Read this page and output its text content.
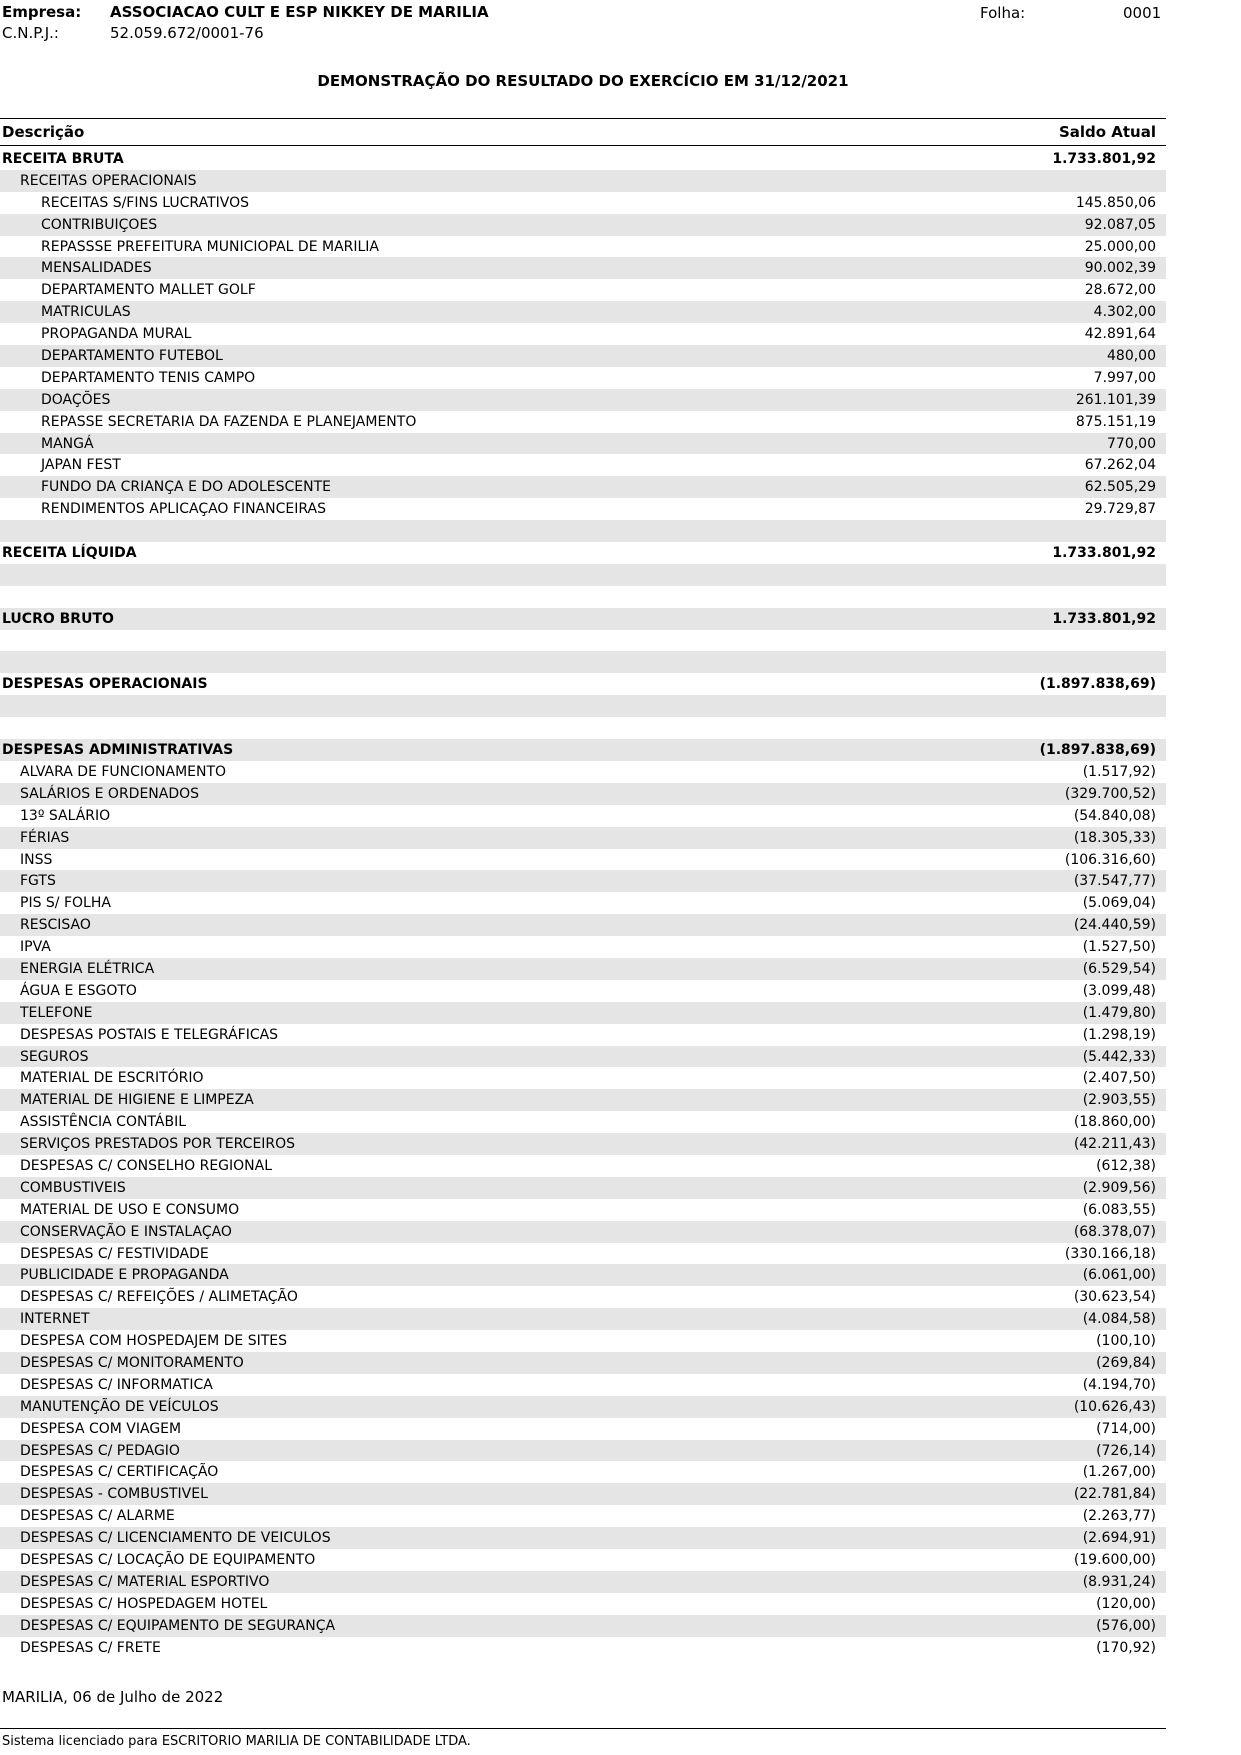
Empresa: ASSOCIACAO CULT E ESP NIKKEY DE MARILIA	Folha:	0001
C.N.P.J.:	52.059.672/0001-76
DEMONSTRAÇÃO DO RESULTADO DO EXERCÍCIO EM 31/12/2021
Descrição	Saldo Atual
RECEITA BRUTA	1.733.801,92
RECEITAS OPERACIONAIS
RECEITAS S/FINS LUCRATIVOS	145.850,06
CONTRIBUIÇOES	92.087,05
REPASSSE PREFEITURA MUNICIOPAL DE MARILIA	25.000,00
MENSALIDADES	90.002,39
DEPARTAMENTO MALLET GOLF	28.672,00
MATRICULAS	4.302,00
PROPAGANDA MURAL	42.891,64
DEPARTAMENTO FUTEBOL	480,00
DEPARTAMENTO TENIS CAMPO	7.997,00
DOAÇÕES	261.101,39
REPASSE SECRETARIA DA FAZENDA E PLANEJAMENTO	875.151,19
MANGÁ	770,00
JAPAN FEST	67.262,04
FUNDO DA CRIANÇA E DO ADOLESCENTE	62.505,29
RENDIMENTOS APLICAÇAO FINANCEIRAS	29.729,87
RECEITA LÍQUIDA	1.733.801,92
LUCRO BRUTO	1.733.801,92
DESPESAS OPERACIONAIS	(1.897.838,69)
DESPESAS ADMINISTRATIVAS	(1.897.838,69)
ALVARA DE FUNCIONAMENTO	(1.517,92)
SALÁRIOS E ORDENADOS	(329.700,52)
13º SALÁRIO	(54.840,08)
FÉRIAS	(18.305,33)
INSS	(106.316,60)
FGTS	(37.547,77)
PIS S/ FOLHA	(5.069,04)
RESCISAO	(24.440,59)
IPVA	(1.527,50)
ENERGIA ELÉTRICA	(6.529,54)
ÁGUA E ESGOTO	(3.099,48)
TELEFONE	(1.479,80)
DESPESAS POSTAIS E TELEGRÁFICAS	(1.298,19)
SEGUROS	(5.442,33)
MATERIAL DE ESCRITÓRIO	(2.407,50)
MATERIAL DE HIGIENE E LIMPEZA	(2.903,55)
ASSISTÊNCIA CONTÁBIL	(18.860,00)
SERVIÇOS PRESTADOS POR TERCEIROS	(42.211,43)
DESPESAS C/ CONSELHO REGIONAL	(612,38)
COMBUSTIVEIS	(2.909,56)
MATERIAL DE USO E CONSUMO	(6.083,55)
CONSERVAÇÃO E INSTALAÇAO	(68.378,07)
DESPESAS C/ FESTIVIDADE	(330.166,18)
PUBLICIDADE E PROPAGANDA	(6.061,00)
DESPESAS C/ REFEIÇÕES / ALIMETAÇÃO	(30.623,54)
INTERNET	(4.084,58)
DESPESA COM HOSPEDAJEM DE SITES	(100,10)
DESPESAS C/ MONITORAMENTO	(269,84)
DESPESAS C/ INFORMATICA	(4.194,70)
MANUTENÇÃO DE VEÍCULOS	(10.626,43)
DESPESA COM VIAGEM	(714,00)
DESPESAS C/ PEDAGIO	(726,14)
DESPESAS C/ CERTIFICAÇÃO	(1.267,00)
DESPESAS - COMBUSTIVEL	(22.781,84)
DESPESAS C/ ALARME	(2.263,77)
DESPESAS C/ LICENCIAMENTO DE VEICULOS	(2.694,91)
DESPESAS C/ LOCAÇÃO DE EQUIPAMENTO	(19.600,00)
DESPESAS C/ MATERIAL ESPORTIVO	(8.931,24)
DESPESAS C/ HOSPEDAGEM HOTEL	(120,00)
DESPESAS C/ EQUIPAMENTO DE SEGURANÇA	(576,00)
DESPESAS C/ FRETE	(170,92)
MARILIA, 06 de Julho de 2022
Sistema licenciado para ESCRITORIO MARILIA DE CONTABILIDADE LTDA.
